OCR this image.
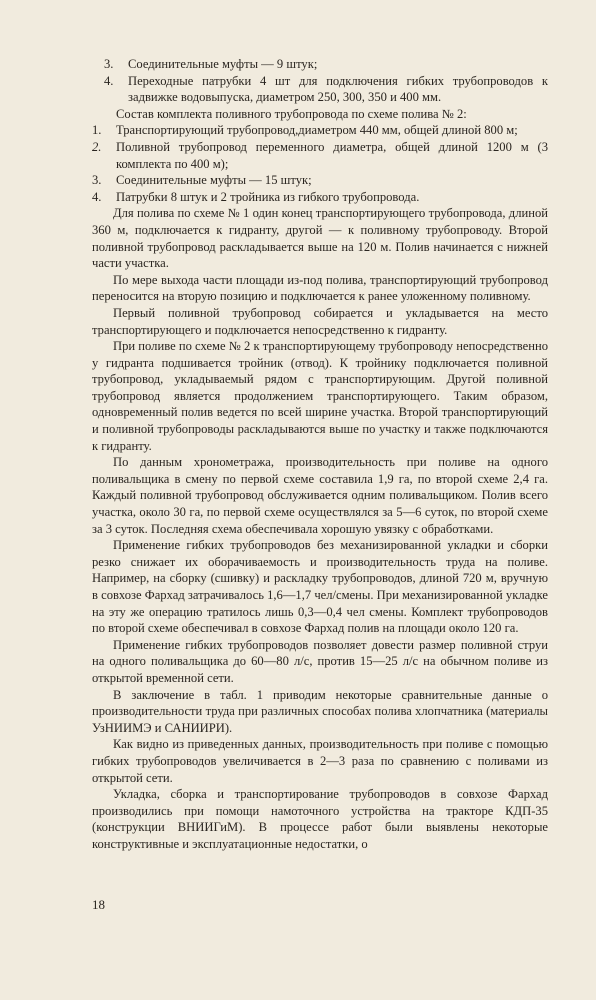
3. Соединительные муфты — 9 штук;
4. Переходные патрубки 4 шт для подключения гибких трубопроводов к задвижке водовыпуска, диаметром 250, 300, 350 и 400 мм.
Состав комплекта поливного трубопровода по схеме полива № 2:
1. Транспортирующий трубопровод,диаметром 440 мм, общей длиной 800 м;
2. Поливной трубопровод переменного диаметра, общей длиной 1200 м (3 комплекта по 400 м);
3. Соединительные муфты — 15 штук;
4. Патрубки 8 штук и 2 тройника из гибкого трубопровода.

Для полива по схеме № 1 один конец транспортирующего трубопровода, длиной 360 м, подключается к гидранту, другой — к поливному трубопроводу. Второй поливной трубопровод раскладывается выше на 120 м. Полив начинается с нижней части участка.

По мере выхода части площади из-под полива, транспортирующий трубопровод переносится на вторую позицию и подключается к ранее уложенному поливному.

Первый поливной трубопровод собирается и укладывается на место транспортирующего и подключается непосредственно к гидранту.

При поливе по схеме № 2 к транспортирующему трубопроводу непосредственно у гидранта подшивается тройник (отвод). К тройнику подключается поливной трубопровод, укладываемый рядом с транспортирующим. Другой поливной трубопровод является продолжением транспортирующего. Таким образом, одновременный полив ведется по всей ширине участка. Второй транспортирующий и поливной трубопроводы раскладываются выше по участку и также подключаются к гидранту.

По данным хронометража, производительность при поливе на одного поливальщика в смену по первой схеме составила 1,9 га, по второй схеме 2,4 га. Каждый поливной трубопровод обслуживается одним поливальщиком. Полив всего участка, около 30 га, по первой схеме осуществлялся за 5—6 суток, по второй схеме за 3 суток. Последняя схема обеспечивала хорошую увязку с обработками.

Применение гибких трубопроводов без механизированной укладки и сборки резко снижает их оборачиваемость и производительность труда на поливе. Например, на сборку (сшивку) и раскладку трубопроводов, длиной 720 м, вручную в совхозе Фархад затрачивалось 1,6—1,7 чел/смены. При механизированной укладке на эту же операцию тратилось лишь 0,3—0,4 чел смены. Комплект трубопроводов по второй схеме обеспечивал в совхозе Фархад полив на площади около 120 га.

Применение гибких трубопроводов позволяет довести размер поливной струи на одного поливальщика до 60—80 л/с, против 15—25 л/с на обычном поливе из открытой временной сети.

В заключение в табл. 1 приводим некоторые сравнительные данные о производительности труда при различных способах полива хлопчатника (материалы УзНИИМЭ и САНИИРИ).

Как видно из приведенных данных, производительность при поливе с помощью гибких трубопроводов увеличивается в 2—3 раза по сравнению с поливами из открытой сети.

Укладка, сборка и транспортирование трубопроводов в совхозе Фархад производились при помощи намоточного устройства на тракторе КДП-35 (конструкции ВНИИГиМ). В процессе работ были выявлены некоторые конструктивные и эксплуатационные недостатки, о

18
